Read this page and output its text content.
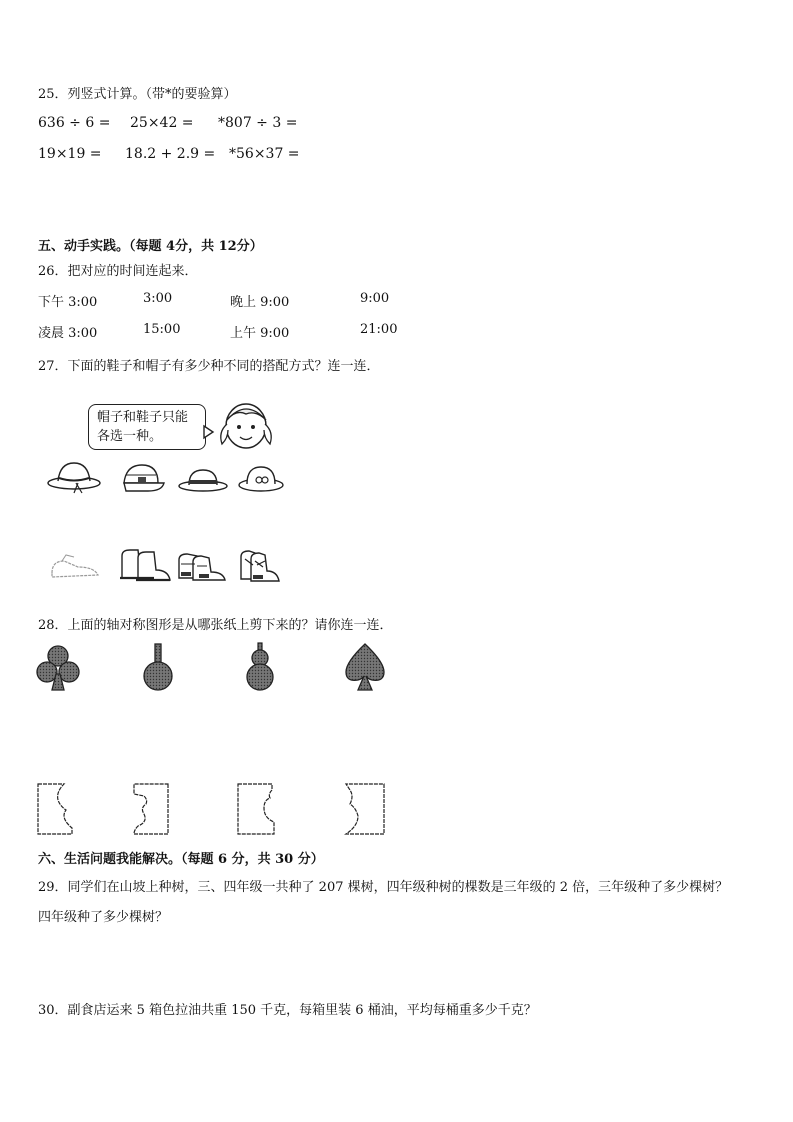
25．列竖式计算。（带*的要验算）
636 ÷ 6 = 25×42 = *807 ÷ 3 =
19×19 = 18.2 + 2.9 = *56×37 =
五、动手实践。（每题 4分，共 12分）
26．把对应的时间连起来．
下午 3:00	3:00	晚上 9:00	9:00
凌晨 3:00	15:00	上午 9:00	21:00
27．下面的鞋子和帽子有多少种不同的搭配方式？连一连．
帽子和鞋子只能各选一种。
28．上面的轴对称图形是从哪张纸上剪下来的？请你连一连．
六、生活问题我能解决。（每题 6 分，共 30 分）
29．同学们在山坡上种树，三、四年级一共种了 207 棵树，四年级种树的棵数是三年级的 2 倍，三年级种了多少棵树？
四年级种了多少棵树？
30．副食店运来 5 箱色拉油共重 150 千克，每箱里装 6 桶油，平均每桶重多少千克？
